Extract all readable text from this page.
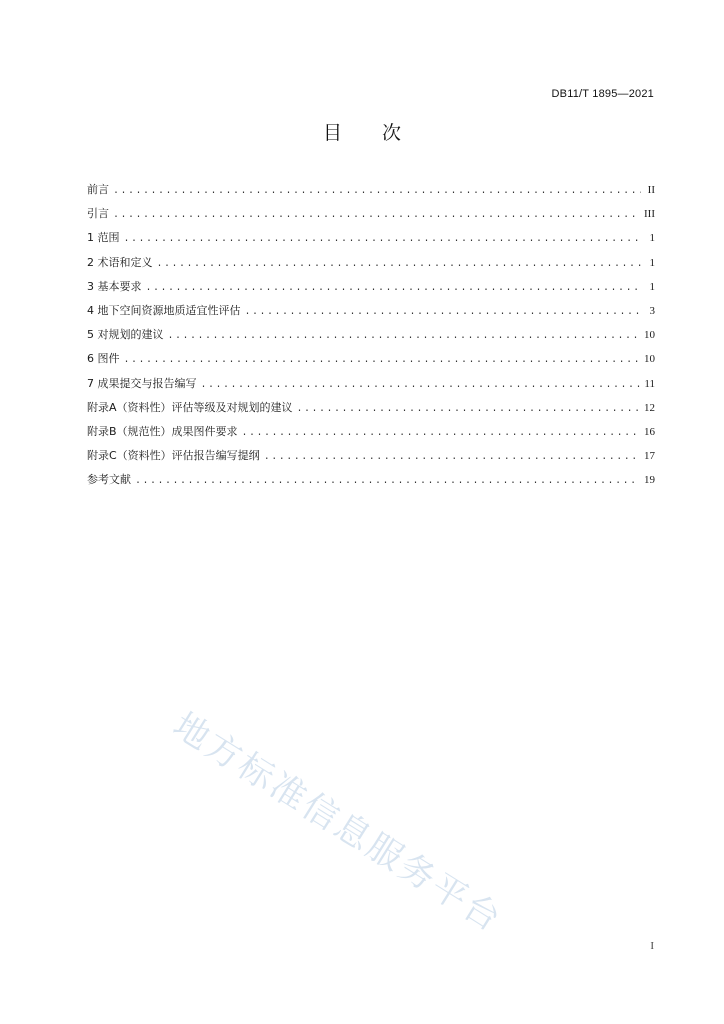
DB11/T 1895—2021
目 次
前言 .....	II
引言 .....	III
1 范围 .....	1
2 术语和定义 .....	1
3 基本要求 .....	1
4 地下空间资源地质适宜性评估 .....	3
5 对规划的建议 .....	10
6 图件 .....	10
7 成果提交与报告编写 .....	11
附录A（资料性）评估等级及对规划的建议 .....	12
附录B（规范性）成果图件要求 .....	16
附录C（资料性）评估报告编写提纲 .....	17
参考文献 .....	19
地方标准信息服务平台
I
